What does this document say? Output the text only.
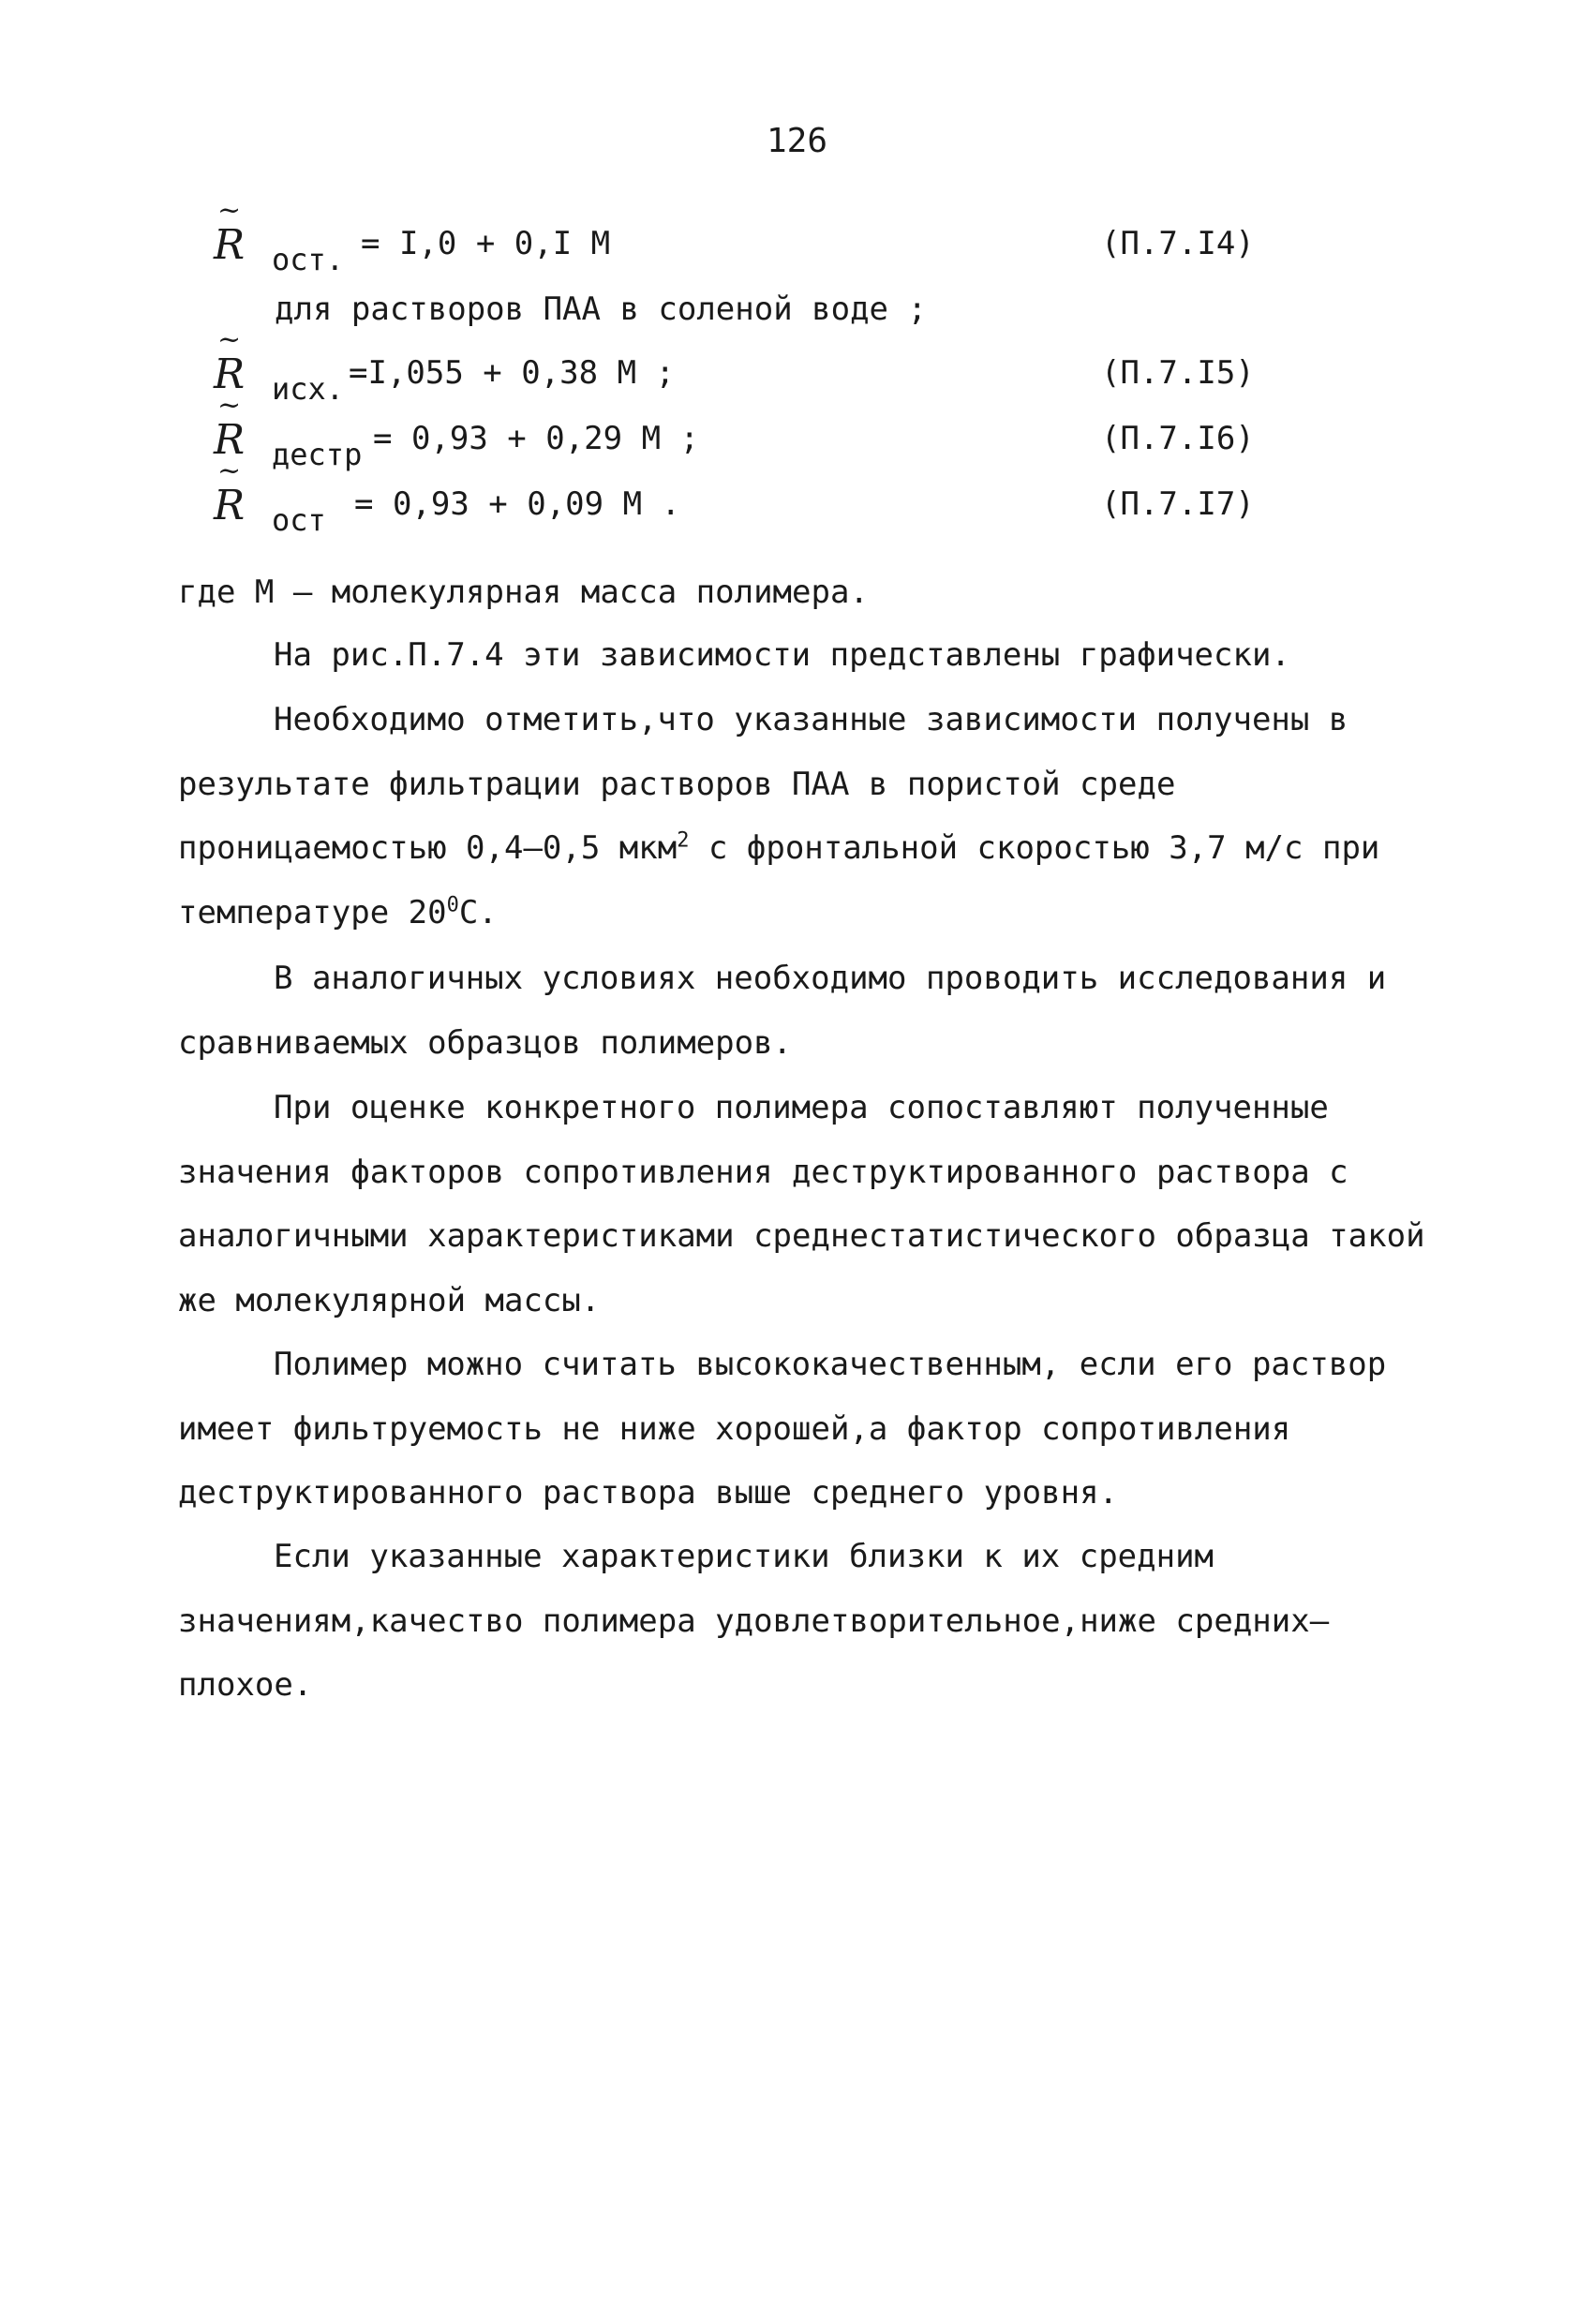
126
~ R ост. = I,0 + 0,I M	(П.7.I4)
для растворов ПАА в соленой воде ;
~ R исх. =I,055 + 0,38 M ;	(П.7.I5)
~ R дестр = 0,93 + 0,29 M ;	(П.7.I6)
~ R ост = 0,93 + 0,09 M .	(П.7.I7)

где М – молекулярная масса полимера.

На рис.П.7.4 эти зависимости представлены графически.

Необходимо отметить,что указанные зависимости получены в результате фильтрации растворов ПАА в пористой среде проницаемостью 0,4–0,5 мкм$^2$ с фронтальной скоростью 3,7 м/с при температуре $20^0С$.

В аналогичных условиях необходимо проводить исследования и сравниваемых образцов полимеров.

При оценке конкретного полимера сопоставляют полученные значения факторов сопротивления деструктированного раствора с аналогичными характеристиками среднестатистического образца такой же молекулярной массы.

Полимер можно считать высококачественным, если его раствор имеет фильтруемость не ниже хорошей,а фактор сопротивления деструктированного раствора выше среднего уровня.

Если указанные характеристики близки к их средним значениям,качество полимера удовлетворительное,ниже средних–плохое.
